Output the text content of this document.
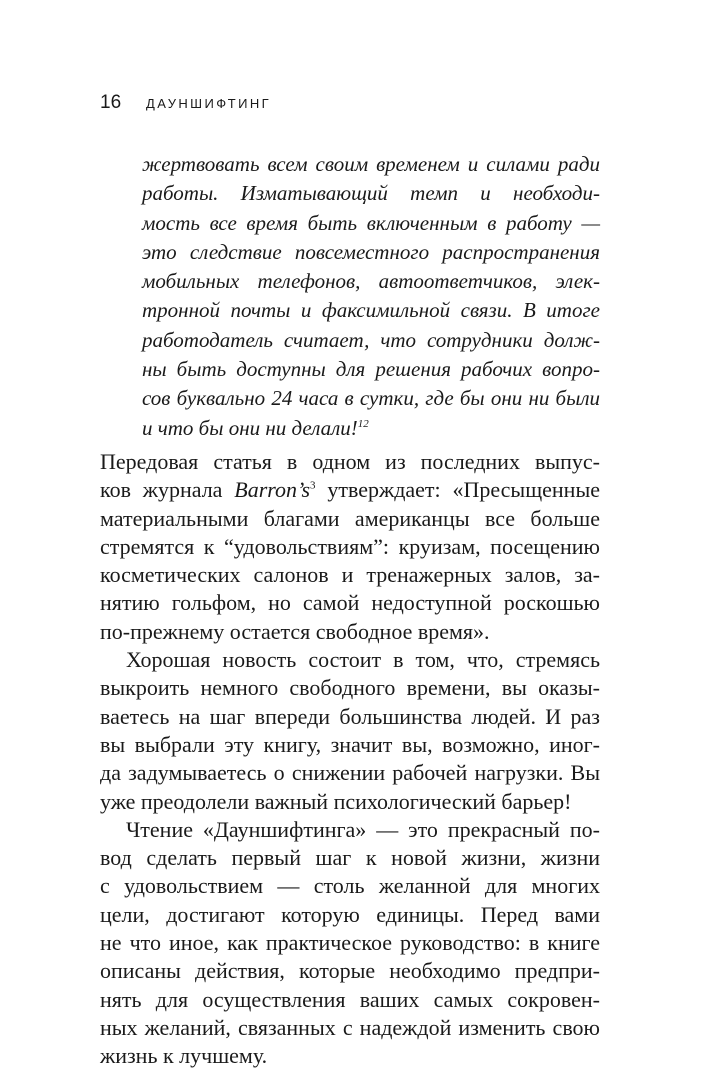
16	ДАУНШИФТИНГ
жертвовать всем своим временем и силами ради
работы. Изматывающий темп и необходи-
мость все время быть включенным в работу —
это следствие повсеместного распространения
мобильных телефонов, автоответчиков, элек-
тронной почты и факсимильной связи. В итоге
работодатель считает, что сотрудники долж-
ны быть доступны для решения рабочих вопро-
сов буквально 24 часа в сутки, где бы они ни были
и что бы они ни делали!$^{12}$
Передовая статья в одном из последних выпус-
ков журнала $Barron’s^3$ утверждает: «Пресыщенные
материальными благами американцы все больше
стремятся к “удовольствиям”: круизам, посещению
косметических салонов и тренажерных залов, за-
нятию гольфом, но самой недоступной роскошью
по-прежнему остается свободное время».
Хорошая новость состоит в том, что, стремясь
выкроить немного свободного времени, вы оказы-
ваетесь на шаг впереди большинства людей. И раз
вы выбрали эту книгу, значит вы, возможно, иног-
да задумываетесь о снижении рабочей нагрузки. Вы
уже преодолели важный психологический барьер!
Чтение «Дауншифтинга» — это прекрасный по-
вод сделать первый шаг к новой жизни, жизни
с удовольствием — столь желанной для многих
цели, достигают которую единицы. Перед вами
не что иное, как практическое руководство: в книге
описаны действия, которые необходимо предпри-
нять для осуществления ваших самых сокровен-
ных желаний, связанных с надеждой изменить свою
жизнь к лучшему.
